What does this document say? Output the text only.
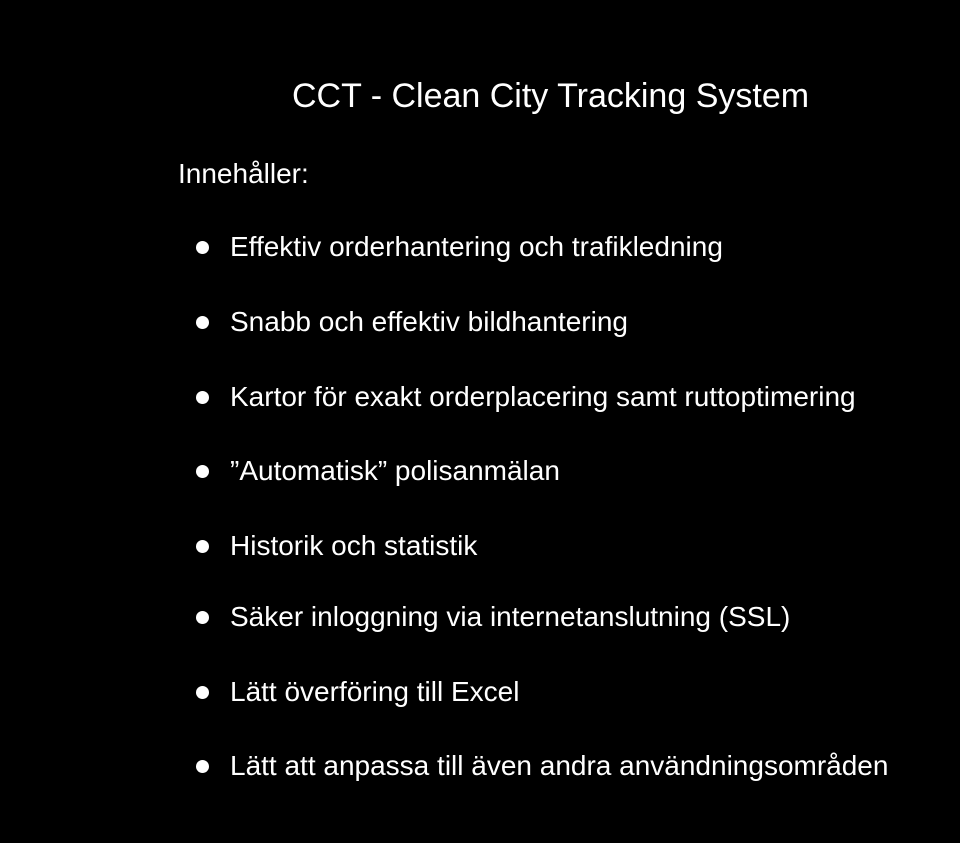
CCT - Clean City Tracking System
Innehåller:
Effektiv orderhantering och trafikledning
Snabb och effektiv bildhantering
Kartor för exakt orderplacering samt ruttoptimering
”Automatisk” polisanmälan
Historik och statistik
Säker inloggning via internetanslutning (SSL)
Lätt överföring till Excel
Lätt att anpassa till även andra användningsområden
